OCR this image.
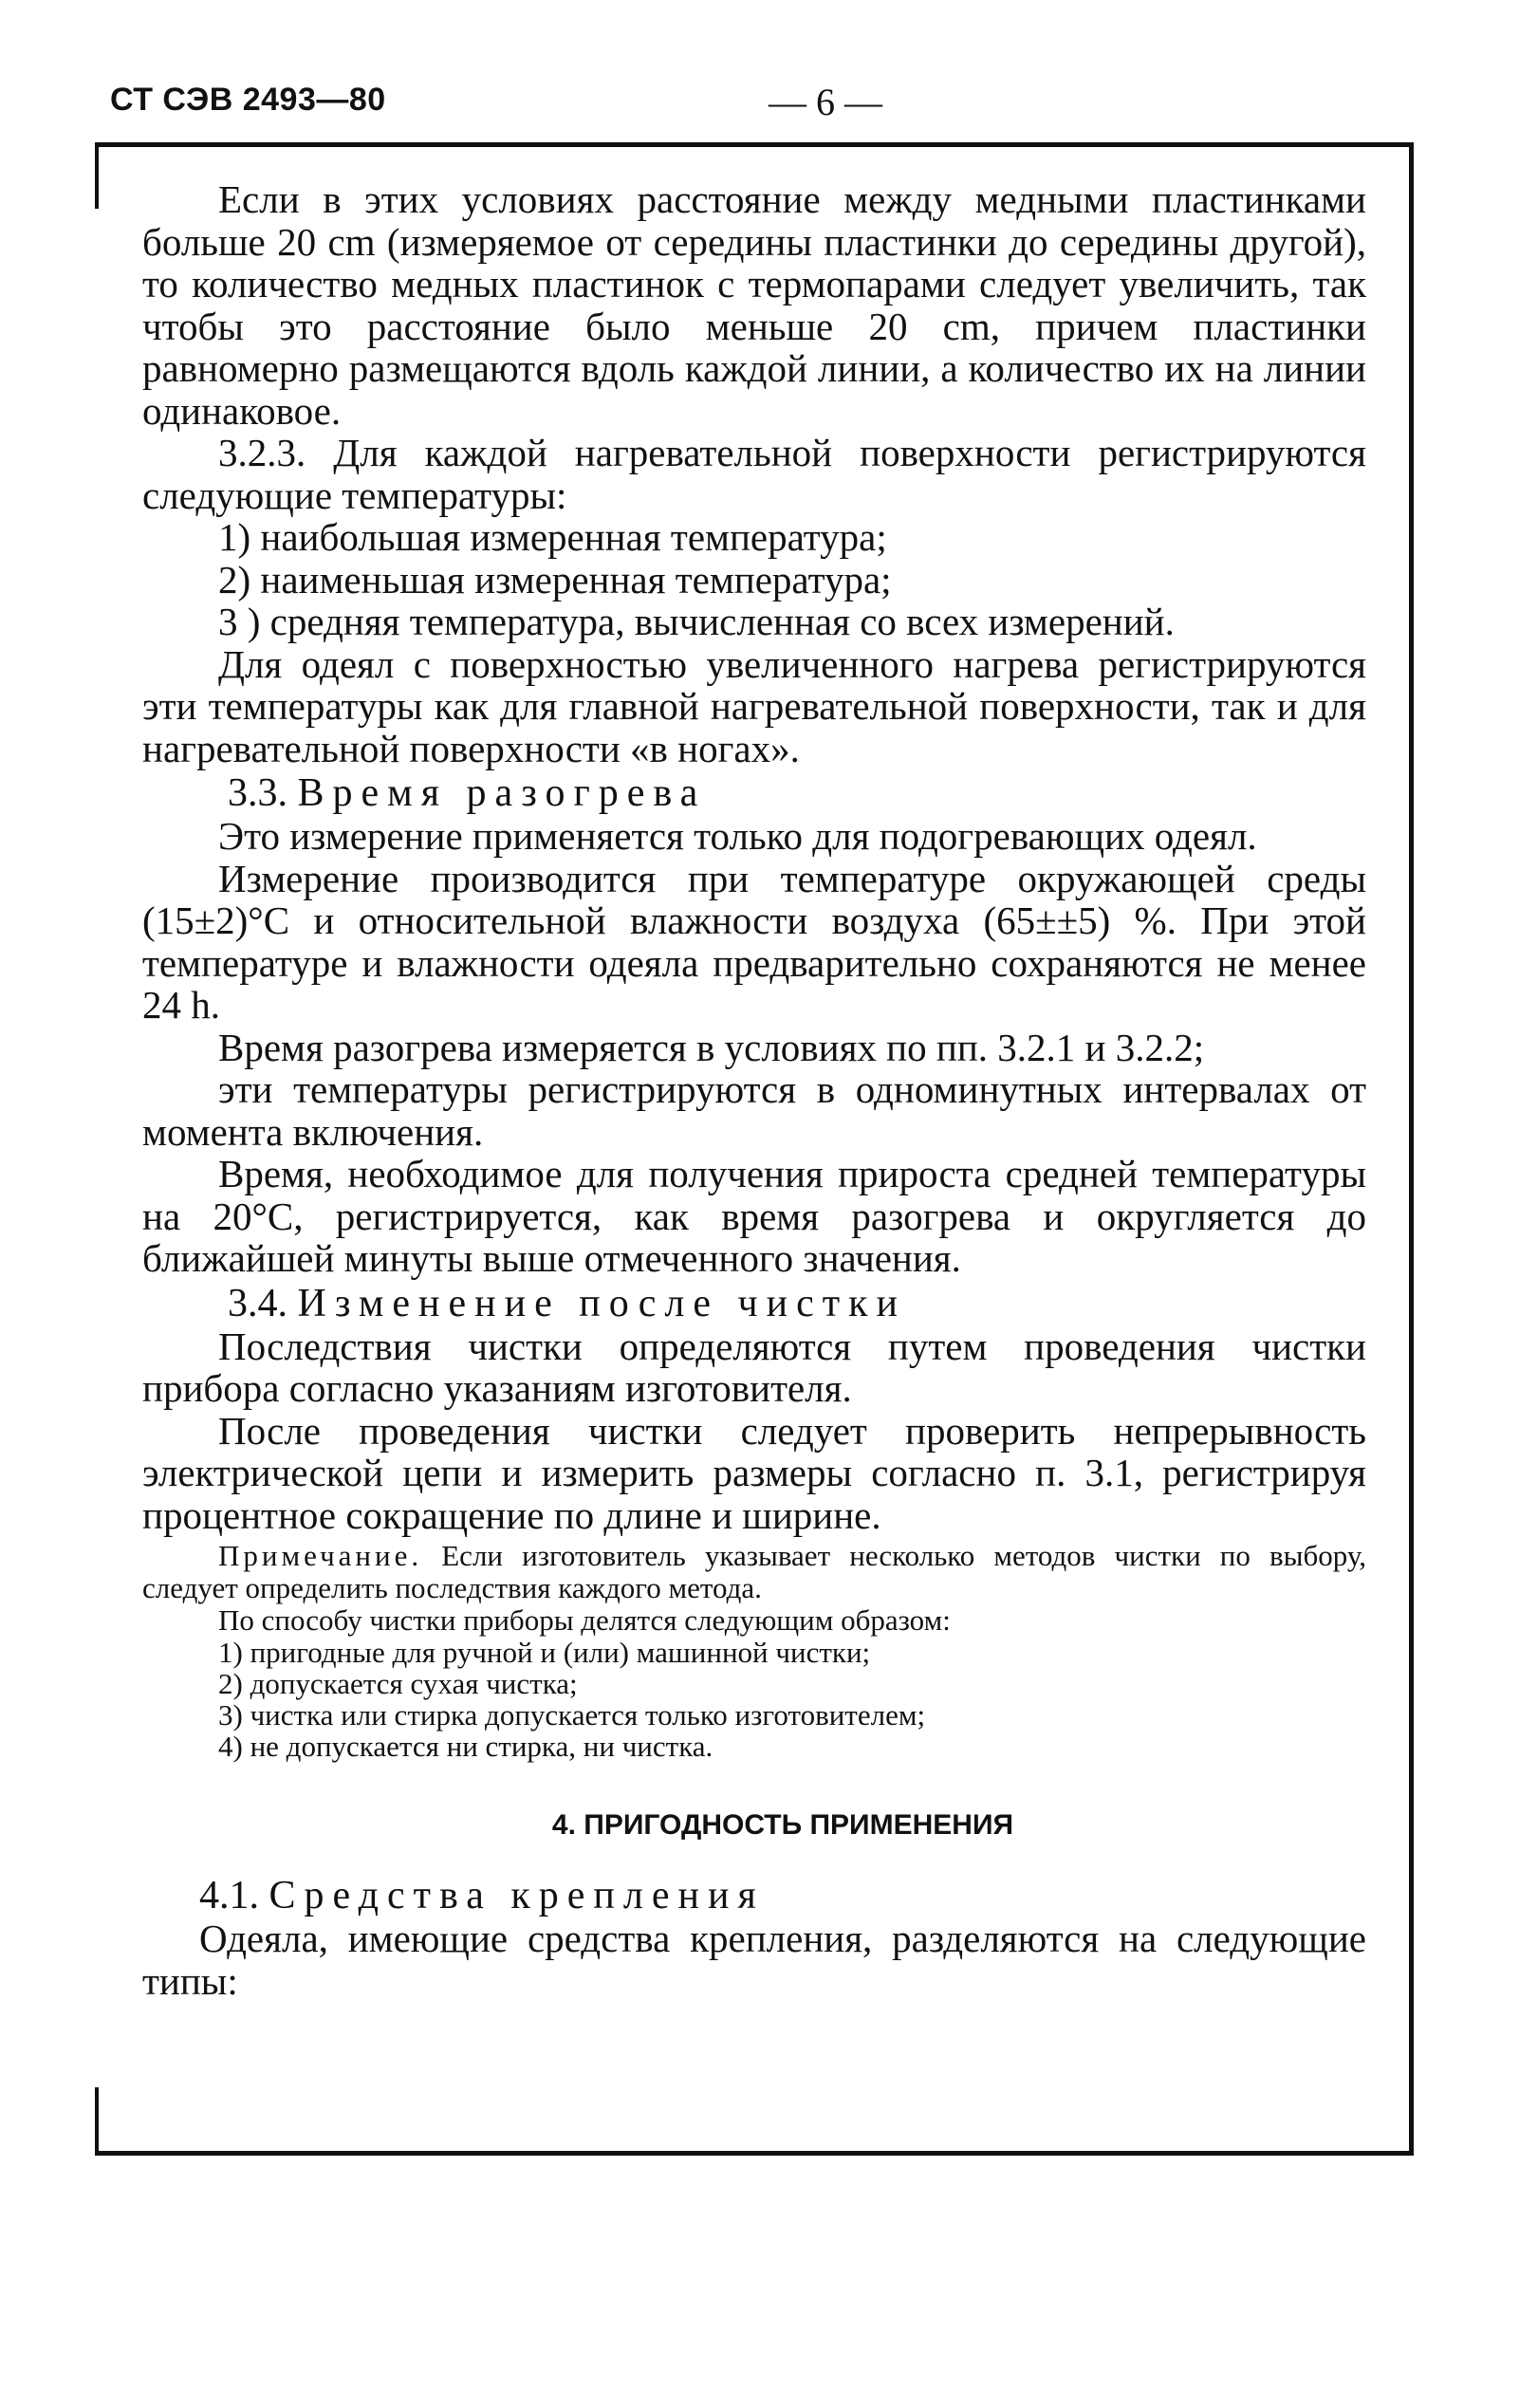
СТ СЭВ 2493—80	— 6 —

Если в этих условиях расстояние между медными пластинками больше 20 cm (измеряемое от середины пластинки до середины другой), то количество медных пластинок с термопарами следует увеличить, так чтобы это расстояние было меньше 20 cm, причем пластинки равномерно размещаются вдоль каждой линии, а количество их на линии одинаковое.

3.2.3. Для каждой нагревательной поверхности регистрируются следующие температуры:

1) наибольшая измеренная температура;
2) наименьшая измеренная температура;
3 ) средняя температура, вычисленная со всех измерений.

Для одеял с поверхностью увеличенного нагрева регистрируются эти температуры как для главной нагревательной поверхности, так и для нагревательной поверхности «в ногах».

3.3. Время разогрева

Это измерение применяется только для подогревающих одеял.

Измерение производится при температуре окружающей среды (15±2)°С и относительной влажности воздуха (65±±5) %. При этой температуре и влажности одеяла предварительно сохраняются не менее 24 h.

Время разогрева измеряется в условиях по пп. 3.2.1 и 3.2.2;

эти температуры регистрируются в одноминутных интервалах от момента включения.

Время, необходимое для получения прироста средней температуры на 20°С, регистрируется, как время разогрева и округляется до ближайшей минуты выше отмеченного значения.

3.4. Изменение после чистки

Последствия чистки определяются путем проведения чистки прибора согласно указаниям изготовителя.

После проведения чистки следует проверить непрерывность электрической цепи и измерить размеры согласно п. 3.1, регистрируя процентное сокращение по длине и ширине.

Примечание. Если изготовитель указывает несколько методов чистки по выбору, следует определить последствия каждого метода.

По способу чистки приборы делятся следующим образом:

1) пригодные для ручной и (или) машинной чистки;
2) допускается сухая чистка;
3) чистка или стирка допускается только изготовителем;
4) не допускается ни стирка, ни чистка.
4. ПРИГОДНОСТЬ ПРИМЕНЕНИЯ
4.1. Средства крепления

Одеяла, имеющие средства крепления, разделяются на следующие типы:
